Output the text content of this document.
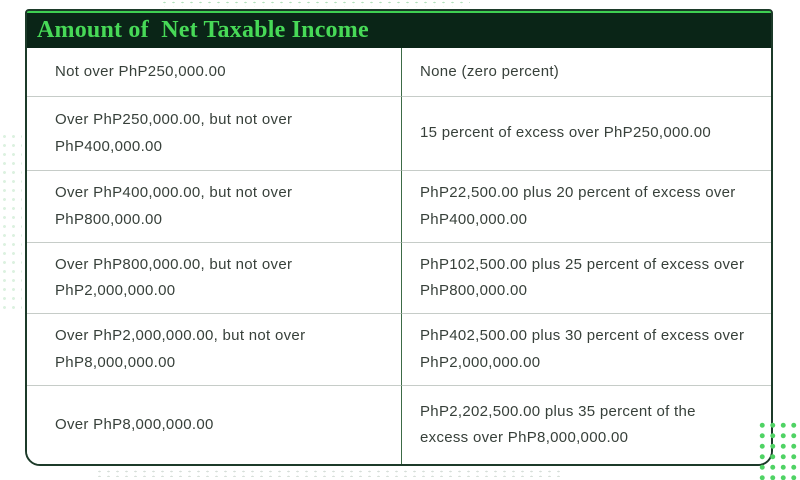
Amount of  Net Taxable Income
Not over PhP250,000.00	None (zero percent)
Over PhP250,000.00, but not over PhP400,000.00
15 percent of excess over PhP250,000.00
Over PhP400,000.00, but not over PhP800,000.00
PhP22,500.00 plus 20 percent of excess over PhP400,000.00
Over PhP800,000.00, but not over PhP2,000,000.00
PhP102,500.00 plus 25 percent of excess over PhP800,000.00
Over PhP2,000,000.00, but not over PhP8,000,000.00
PhP402,500.00 plus 30 percent of excess over PhP2,000,000.00
Over PhP8,000,000.00
PhP2,202,500.00 plus 35 percent of the excess over PhP8,000,000.00
